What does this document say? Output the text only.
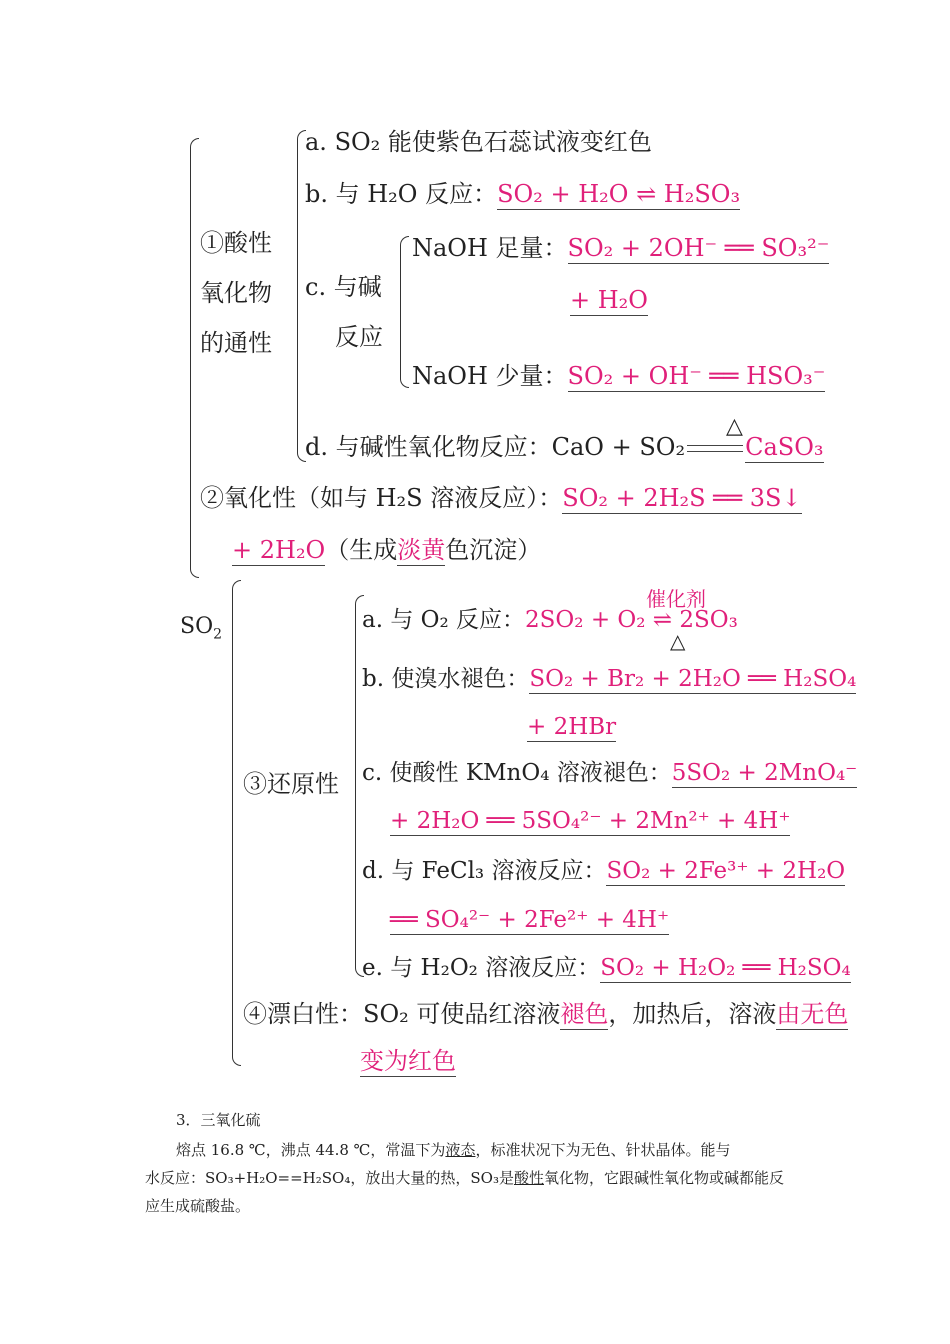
$SO_2$
①酸性
氧化物
的通性
a. SO₂ 能使紫色石蕊试液变红色
b. 与 H₂O 反应：SO₂ + H₂O ⇌ H₂SO₃
c. 与碱
反应
NaOH 足量：SO₂ + 2OH⁻ ══ SO₃²⁻
+ H₂O
NaOH 少量：SO₂ + OH⁻ ══ HSO₃⁻
d. 与碱性氧化物反应：CaO + SO₂	CaSO₃
△
②氧化性（如与 H₂S 溶液反应）：SO₂ + 2H₂S ══ 3S↓
+ 2H₂O（生成淡黄色沉淀）
③还原性
a. 与 O₂ 反应：2SO₂ + O₂ ⇌ 2SO₃
催化剂
△
b. 使溴水褪色：SO₂ + Br₂ + 2H₂O ══ H₂SO₄
+ 2HBr
c. 使酸性 KMnO₄ 溶液褪色：5SO₂ + 2MnO₄⁻
+ 2H₂O ══ 5SO₄²⁻ + 2Mn²⁺ + 4H⁺
d. 与 FeCl₃ 溶液反应：SO₂ + 2Fe³⁺ + 2H₂O
══ SO₄²⁻ + 2Fe²⁺ + 4H⁺
e. 与 H₂O₂ 溶液反应：SO₂ + H₂O₂ ══ H₂SO₄
④漂白性：SO₂ 可使品红溶液褪色，加热后，溶液由无色
变为红色
3．三氧化硫
熔点 16.8 ℃，沸点 44.8 ℃，常温下为液态，标准状况下为无色、针状晶体。能与
水反应：SO₃+H₂O==H₂SO₄，放出大量的热，SO₃是酸性氧化物，它跟碱性氧化物或碱都能反
应生成硫酸盐。
